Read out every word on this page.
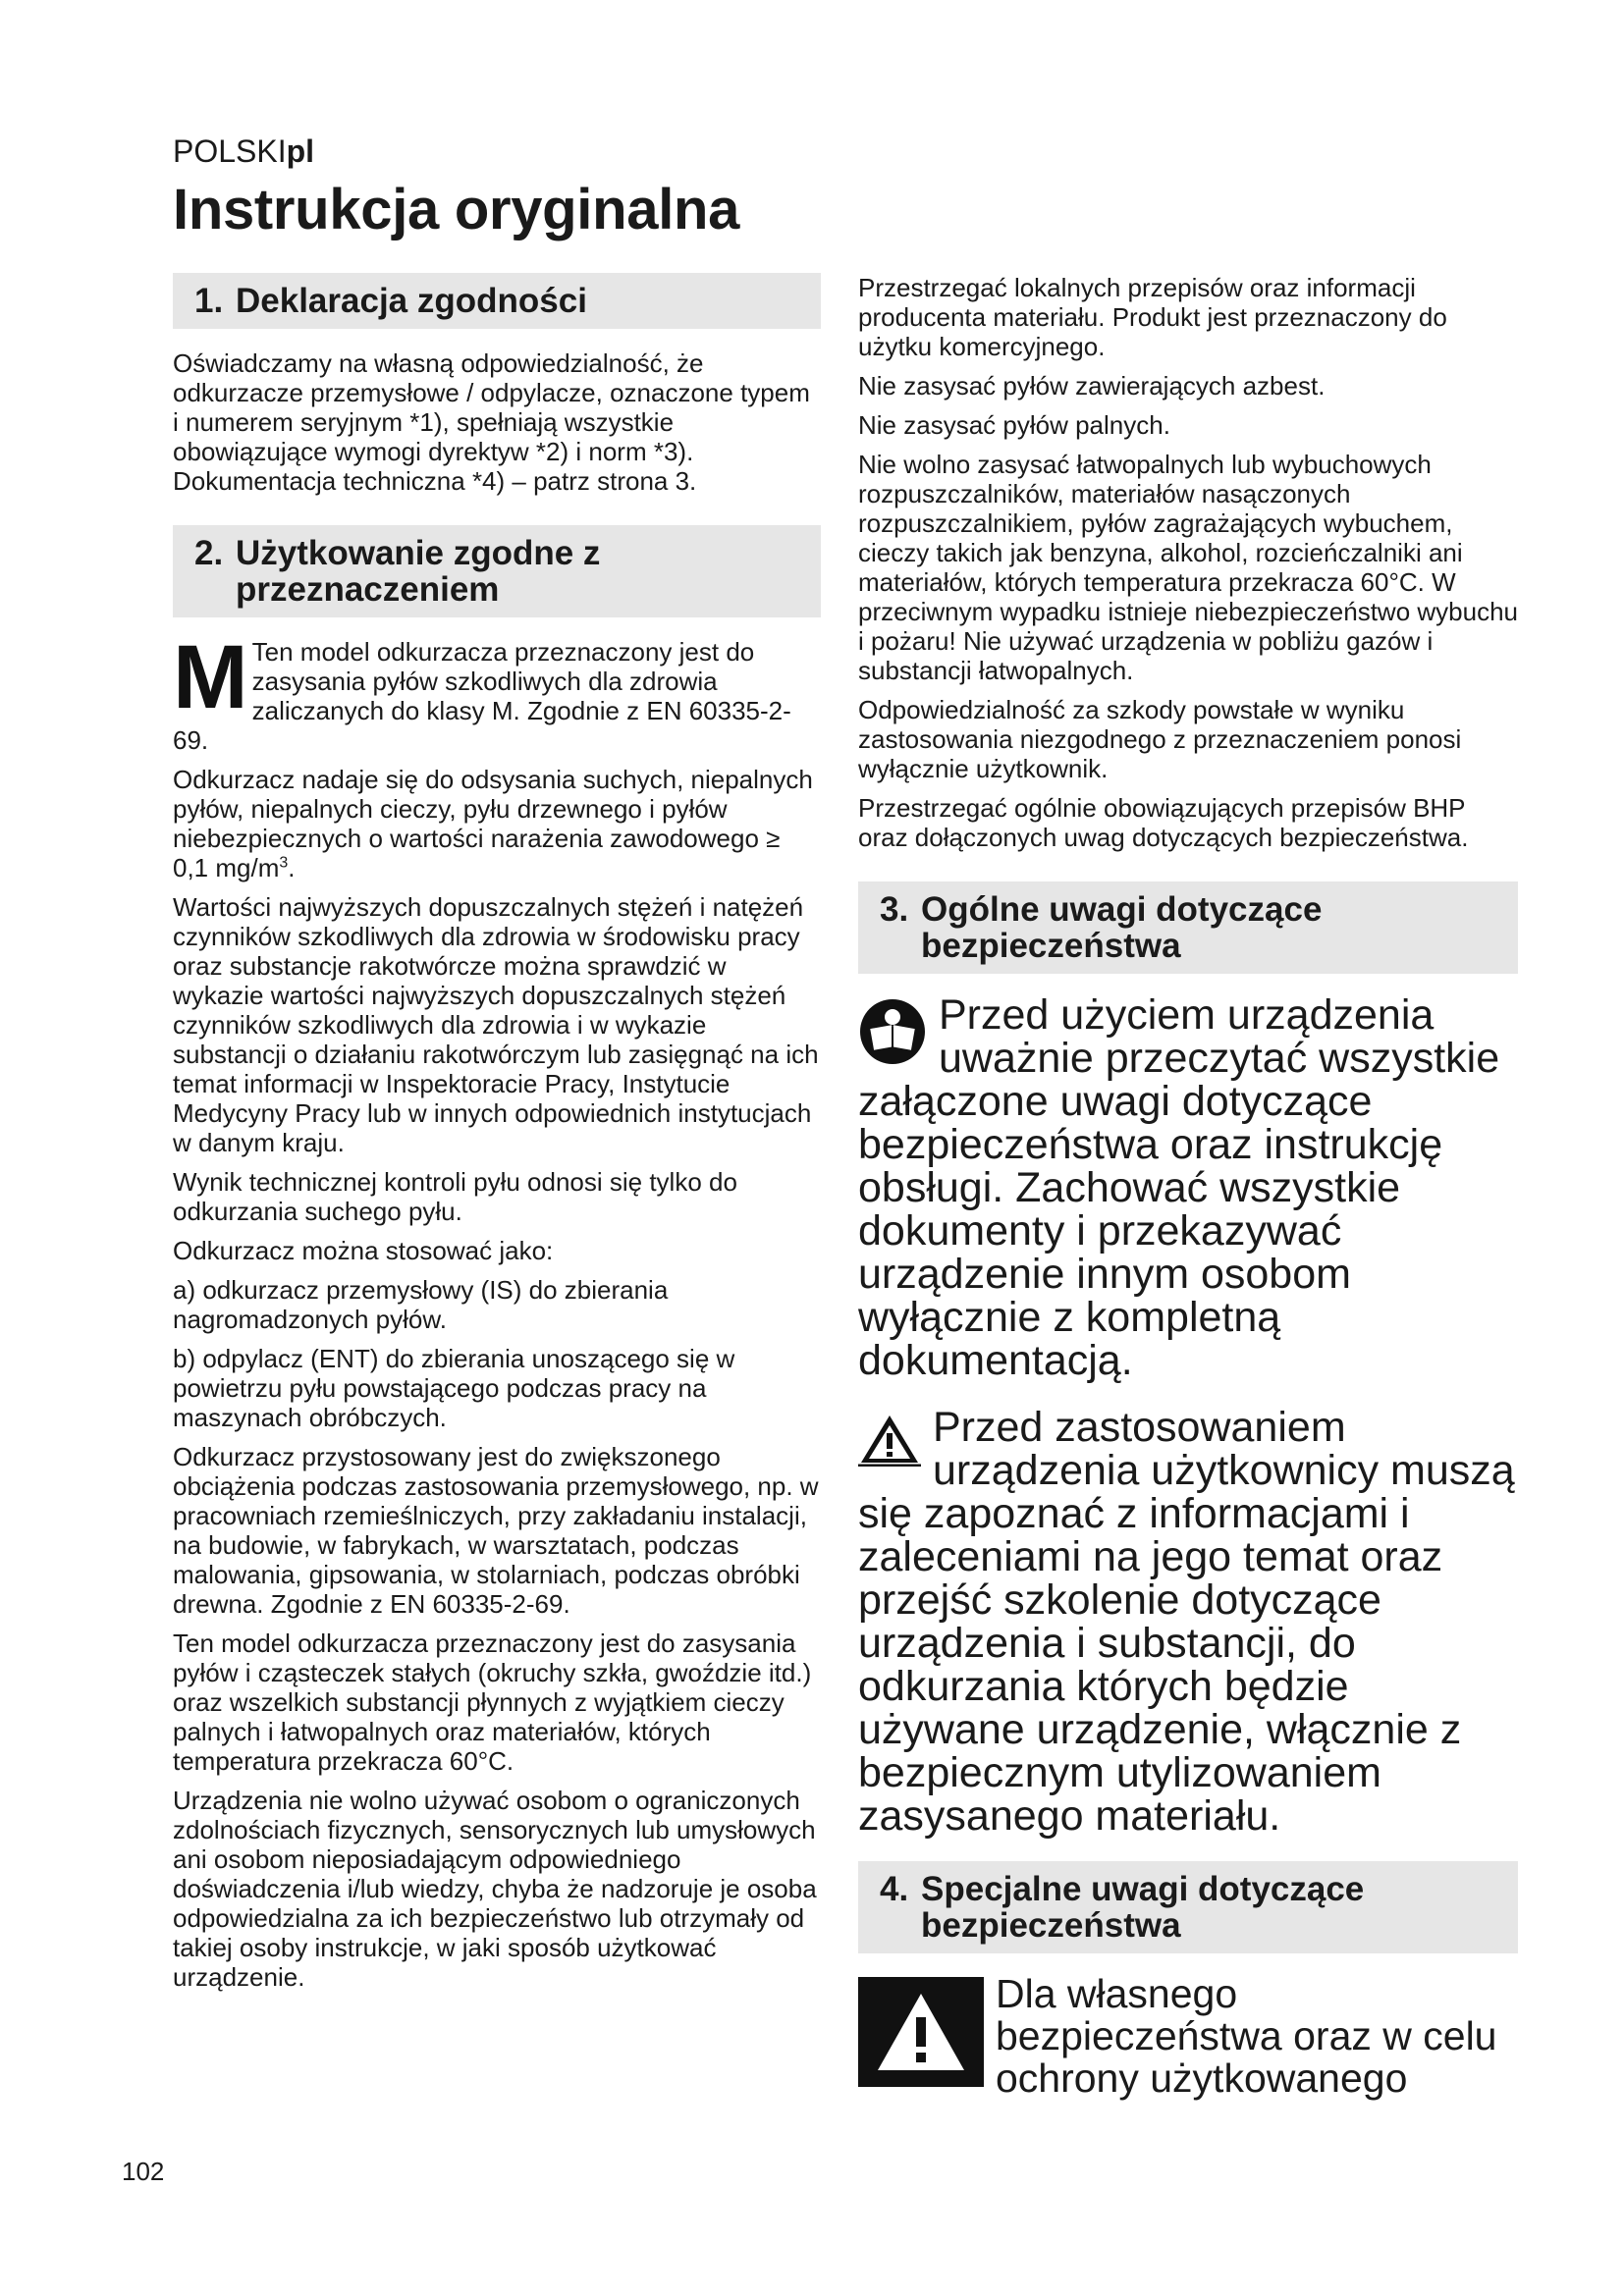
POLSKIpl
Instrukcja oryginalna
1. Deklaracja zgodności

Oświadczamy na własną odpowiedzialność, że odkurzacze przemysłowe / odpylacze, oznaczone typem i numerem seryjnym *1), spełniają wszystkie obowiązujące wymogi dyrektyw *2) i norm *3). Dokumentacja techniczna *4) – patrz strona 3.

2. Użytkowanie zgodne z przeznaczeniem

M Ten model odkurzacza przeznaczony jest do zasysania pyłów szkodliwych dla zdrowia zaliczanych do klasy M. Zgodnie z EN 60335-2-69.

Odkurzacz nadaje się do odsysania suchych, niepalnych pyłów, niepalnych cieczy, pyłu drzewnego i pyłów niebezpiecznych o wartości narażenia zawodowego ≥ 0,1 $mg/m^3$.

Wartości najwyższych dopuszczalnych stężeń i natężeń czynników szkodliwych dla zdrowia w środowisku pracy oraz substancje rakotwórcze można sprawdzić w wykazie wartości najwyższych dopuszczalnych stężeń czynników szkodliwych dla zdrowia i w wykazie substancji o działaniu rakotwórczym lub zasięgnąć na ich temat informacji w Inspektoracie Pracy, Instytucie Medycyny Pracy lub w innych odpowiednich instytucjach w danym kraju.

Wynik technicznej kontroli pyłu odnosi się tylko do odkurzania suchego pyłu.

Odkurzacz można stosować jako:

a) odkurzacz przemysłowy (IS) do zbierania nagromadzonych pyłów.

b) odpylacz (ENT) do zbierania unoszącego się w powietrzu pyłu powstającego podczas pracy na maszynach obróbczych.

Odkurzacz przystosowany jest do zwiększonego obciążenia podczas zastosowania przemysłowego, np. w pracowniach rzemieślniczych, przy zakładaniu instalacji, na budowie, w fabrykach, w warsztatach, podczas malowania, gipsowania, w stolarniach, podczas obróbki drewna. Zgodnie z EN 60335-2-69.

Ten model odkurzacza przeznaczony jest do zasysania pyłów i cząsteczek stałych (okruchy szkła, gwoździe itd.) oraz wszelkich substancji płynnych z wyjątkiem cieczy palnych i łatwopalnych oraz materiałów, których temperatura przekracza 60°C.

Urządzenia nie wolno używać osobom o ograniczonych zdolnościach fizycznych, sensorycznych lub umysłowych ani osobom nieposiadającym odpowiedniego doświadczenia i/lub wiedzy, chyba że nadzoruje je osoba odpowiedzialna za ich bezpieczeństwo lub otrzymały od takiej osoby instrukcje, w jaki sposób użytkować urządzenie.

Przestrzegać lokalnych przepisów oraz informacji producenta materiału. Produkt jest przeznaczony do użytku komercyjnego.

Nie zasysać pyłów zawierających azbest.

Nie zasysać pyłów palnych.

Nie wolno zasysać łatwopalnych lub wybuchowych rozpuszczalników, materiałów nasączonych rozpuszczalnikiem, pyłów zagrażających wybuchem, cieczy takich jak benzyna, alkohol, rozcieńczalniki ani materiałów, których temperatura przekracza 60°C. W przeciwnym wypadku istnieje niebezpieczeństwo wybuchu i pożaru! Nie używać urządzenia w pobliżu gazów i substancji łatwopalnych.

Odpowiedzialność za szkody powstałe w wyniku zastosowania niezgodnego z przeznaczeniem ponosi wyłącznie użytkownik.

Przestrzegać ogólnie obowiązujących przepisów BHP oraz dołączonych uwag dotyczących bezpieczeństwa.

3. Ogólne uwagi dotyczące bezpieczeństwa

Przed użyciem urządzenia uważnie przeczytać wszystkie załączone uwagi dotyczące bezpieczeństwa oraz instrukcję obsługi. Zachować wszystkie dokumenty i przekazywać urządzenie innym osobom wyłącznie z kompletną dokumentacją.

Przed zastosowaniem urządzenia użytkownicy muszą się zapoznać z informacjami i zaleceniami na jego temat oraz przejść szkolenie dotyczące urządzenia i substancji, do odkurzania których będzie używane urządzenie, włącznie z bezpiecznym utylizowaniem zasysanego materiału.

4. Specjalne uwagi dotyczące bezpieczeństwa
Dla własnego bezpieczeństwa oraz w celu ochrony użytkowanego
102
